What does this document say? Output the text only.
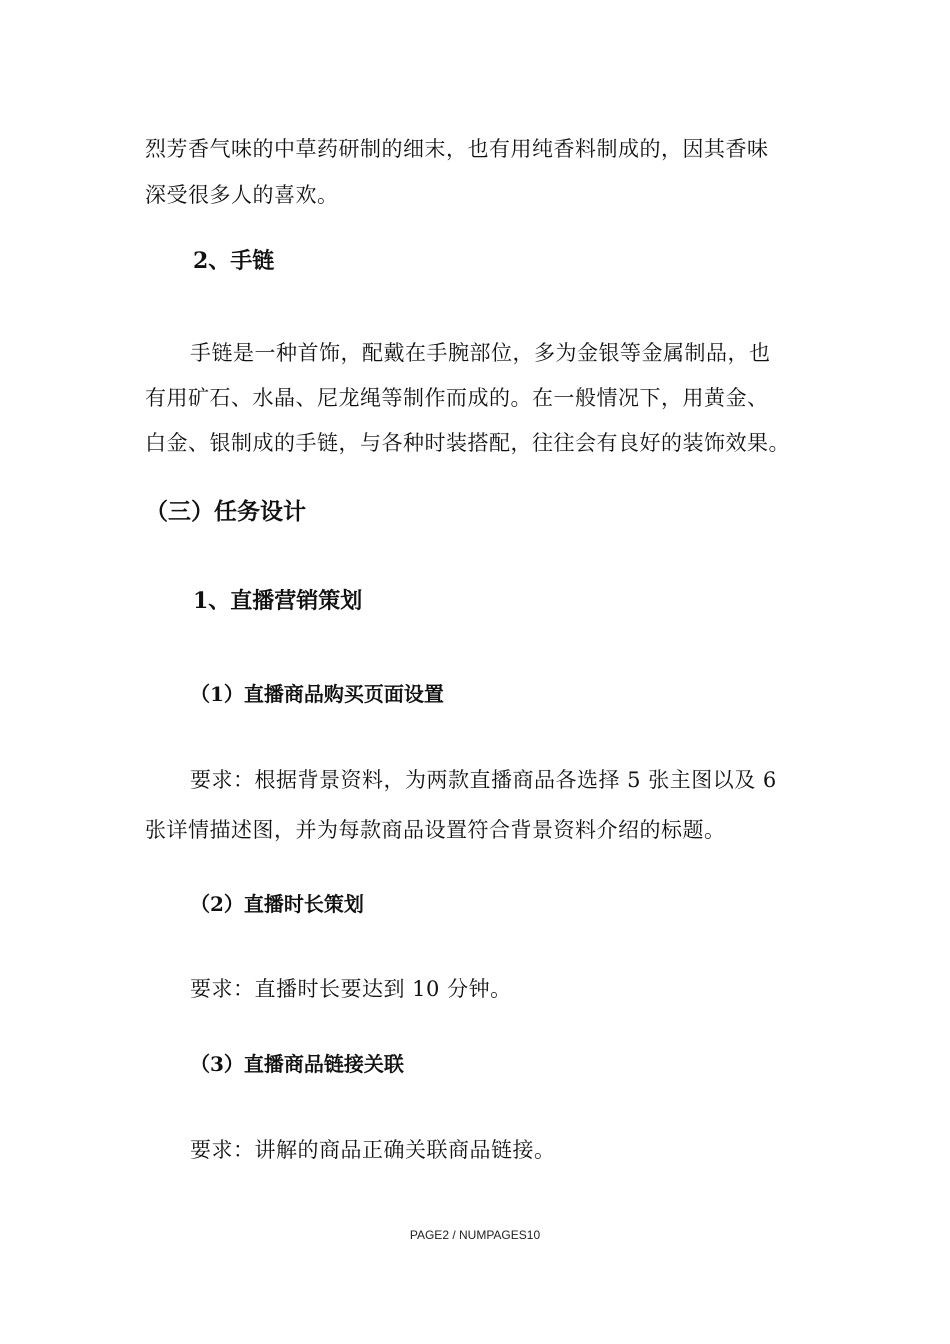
烈芳香气味的中草药研制的细末，也有用纯香料制成的，因其香味
深受很多人的喜欢。
2、手链
手链是一种首饰，配戴在手腕部位，多为金银等金属制品，也
有用矿石、水晶、尼龙绳等制作而成的。在一般情况下，用黄金、
白金、银制成的手链，与各种时装搭配，往往会有良好的装饰效果。
（三）任务设计
1、直播营销策划
（1）直播商品购买页面设置
要求：根据背景资料，为两款直播商品各选择 5 张主图以及 6
张详情描述图，并为每款商品设置符合背景资料介绍的标题。
（2）直播时长策划
要求：直播时长要达到 10 分钟。
（3）直播商品链接关联
要求：讲解的商品正确关联商品链接。
PAGE2 / NUMPAGES10
